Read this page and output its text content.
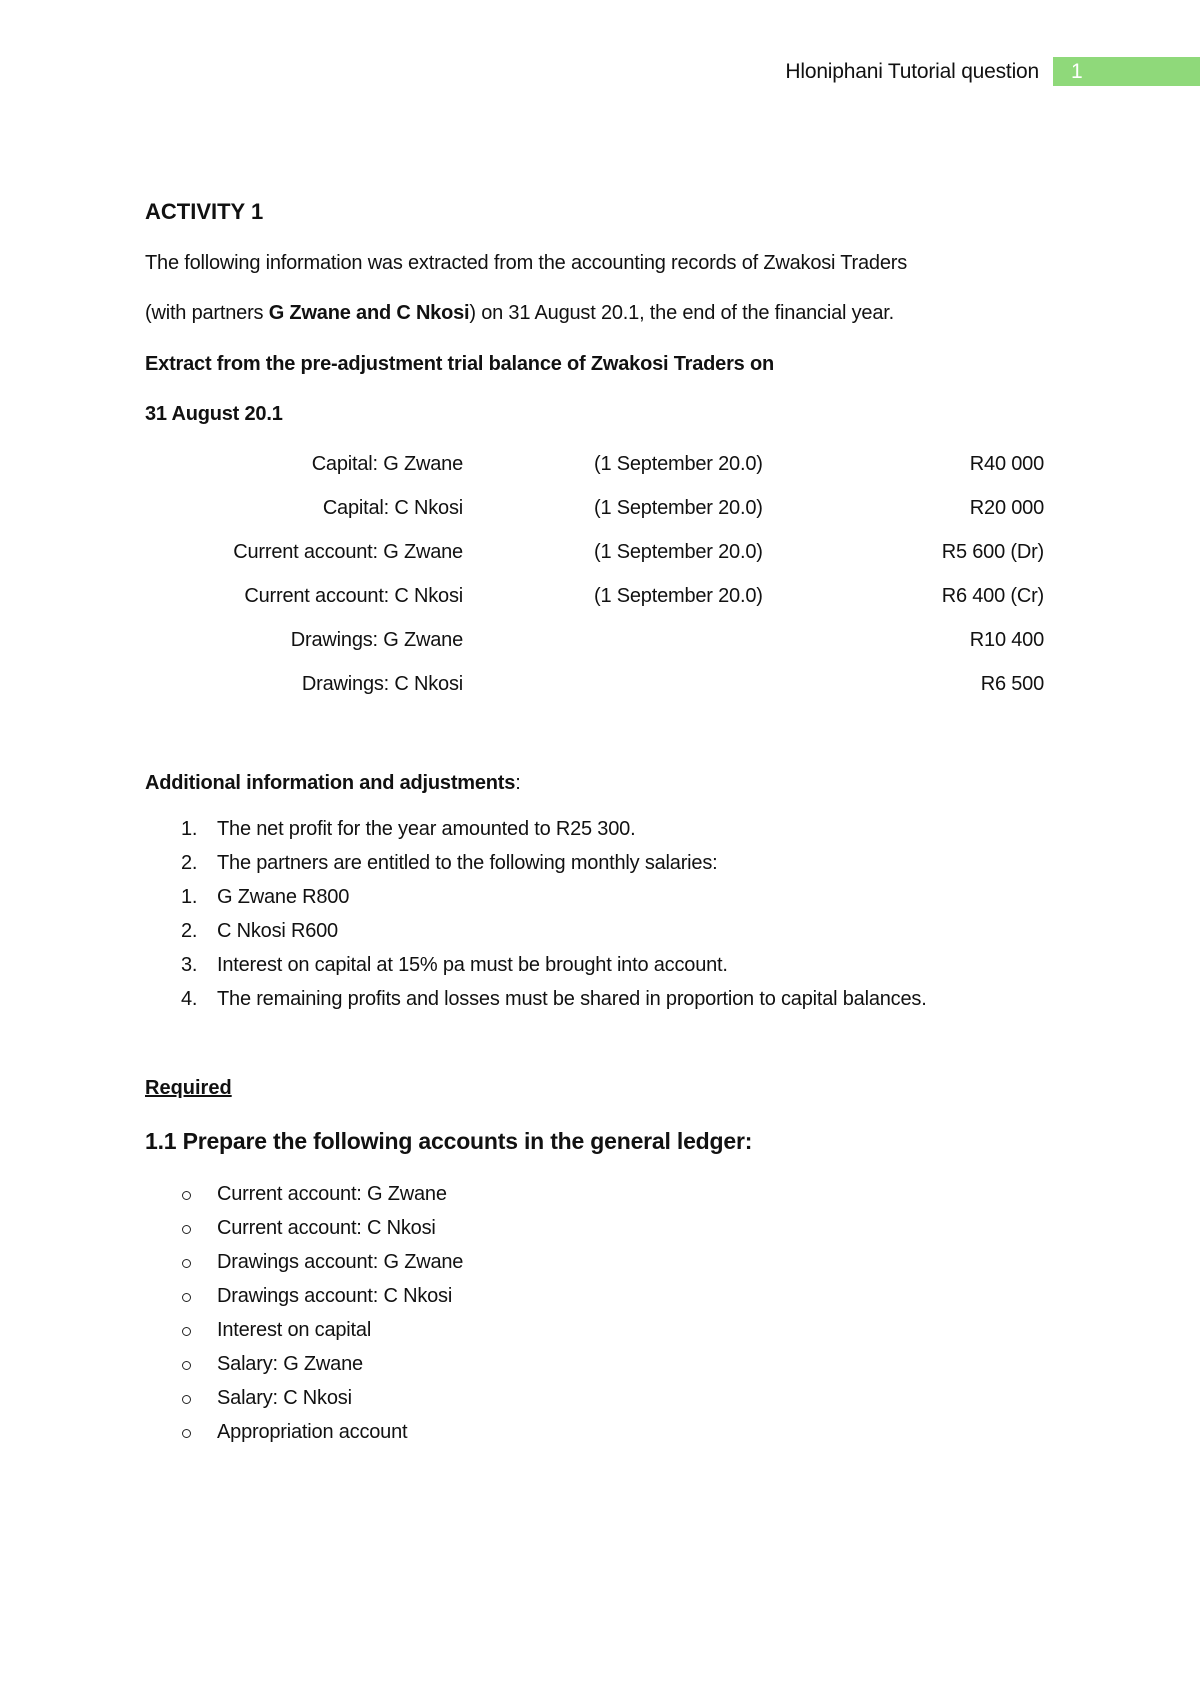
Hloniphani Tutorial question 1
ACTIVITY 1

The following information was extracted from the accounting records of Zwakosi Traders

(with partners G Zwane and C Nkosi) on 31 August 20.1, the end of the financial year.

Extract from the pre-adjustment trial balance of Zwakosi Traders on

31 August 20.1

Capital: G Zwane	(1 September 20.0)	R40 000
Capital: C Nkosi	(1 September 20.0)	R20 000
Current account: G Zwane	(1 September 20.0)	R5 600 (Dr)
Current account: C Nkosi	(1 September 20.0)	R6 400 (Cr)
Drawings: G Zwane	R10 400
Drawings: C Nkosi	R6 500

Additional information and adjustments:

1. The net profit for the year amounted to R25 300.
2. The partners are entitled to the following monthly salaries:
1. G Zwane R800
2. C Nkosi R600
3. Interest on capital at 15% pa must be brought into account.
4. The remaining profits and losses must be shared in proportion to capital balances.

Required

1.1 Prepare the following accounts in the general ledger:
Current account: G Zwane
Current account: C Nkosi
Drawings account: G Zwane
Drawings account: C Nkosi
Interest on capital
Salary: G Zwane
Salary: C Nkosi
Appropriation account
